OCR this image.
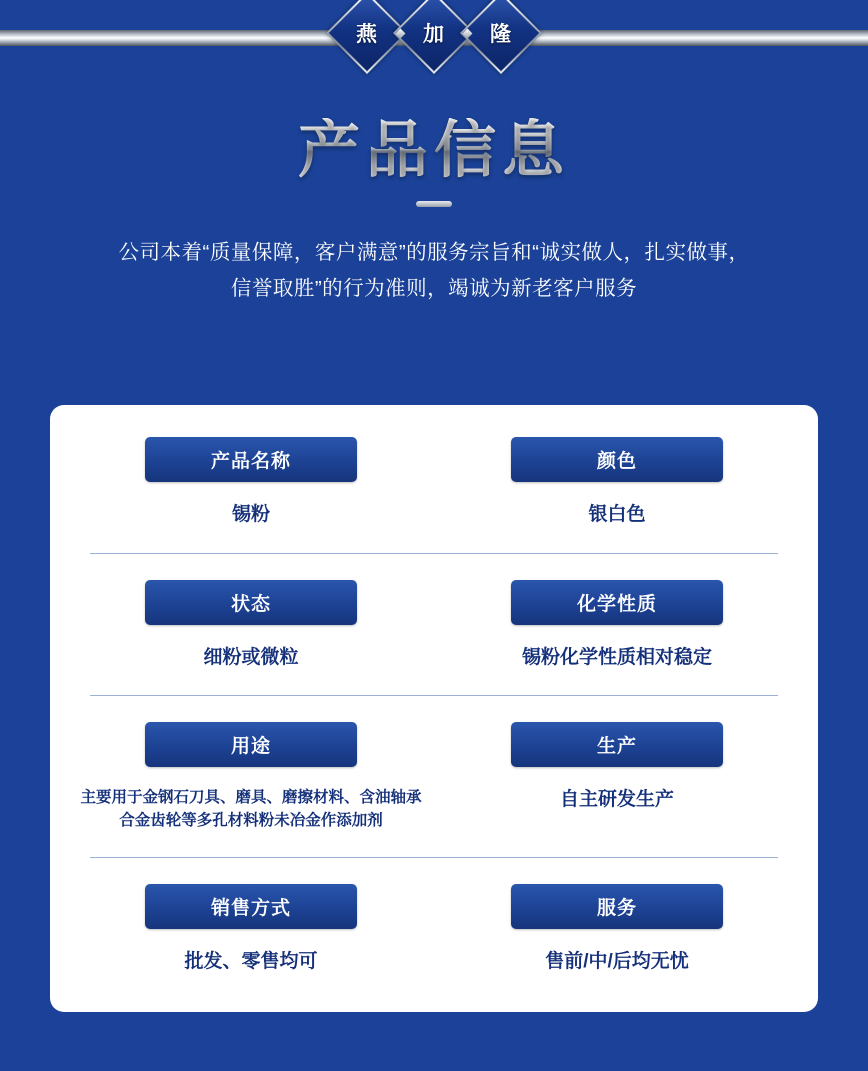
燕 加 隆
产品信息
公司本着“质量保障，客户满意”的服务宗旨和“诚实做人，扎实做事，
信誉取胜”的行为准则，竭诚为新老客户服务
产品名称
锡粉
颜色
银白色
状态
细粉或微粒
化学性质
锡粉化学性质相对稳定
用途
主要用于金钢石刀具、磨具、磨擦材料、含油轴承合金齿轮等多孔材料粉未冶金作添加剂
生产
自主研发生产
销售方式
批发、零售均可
服务
售前/中/后均无忧
